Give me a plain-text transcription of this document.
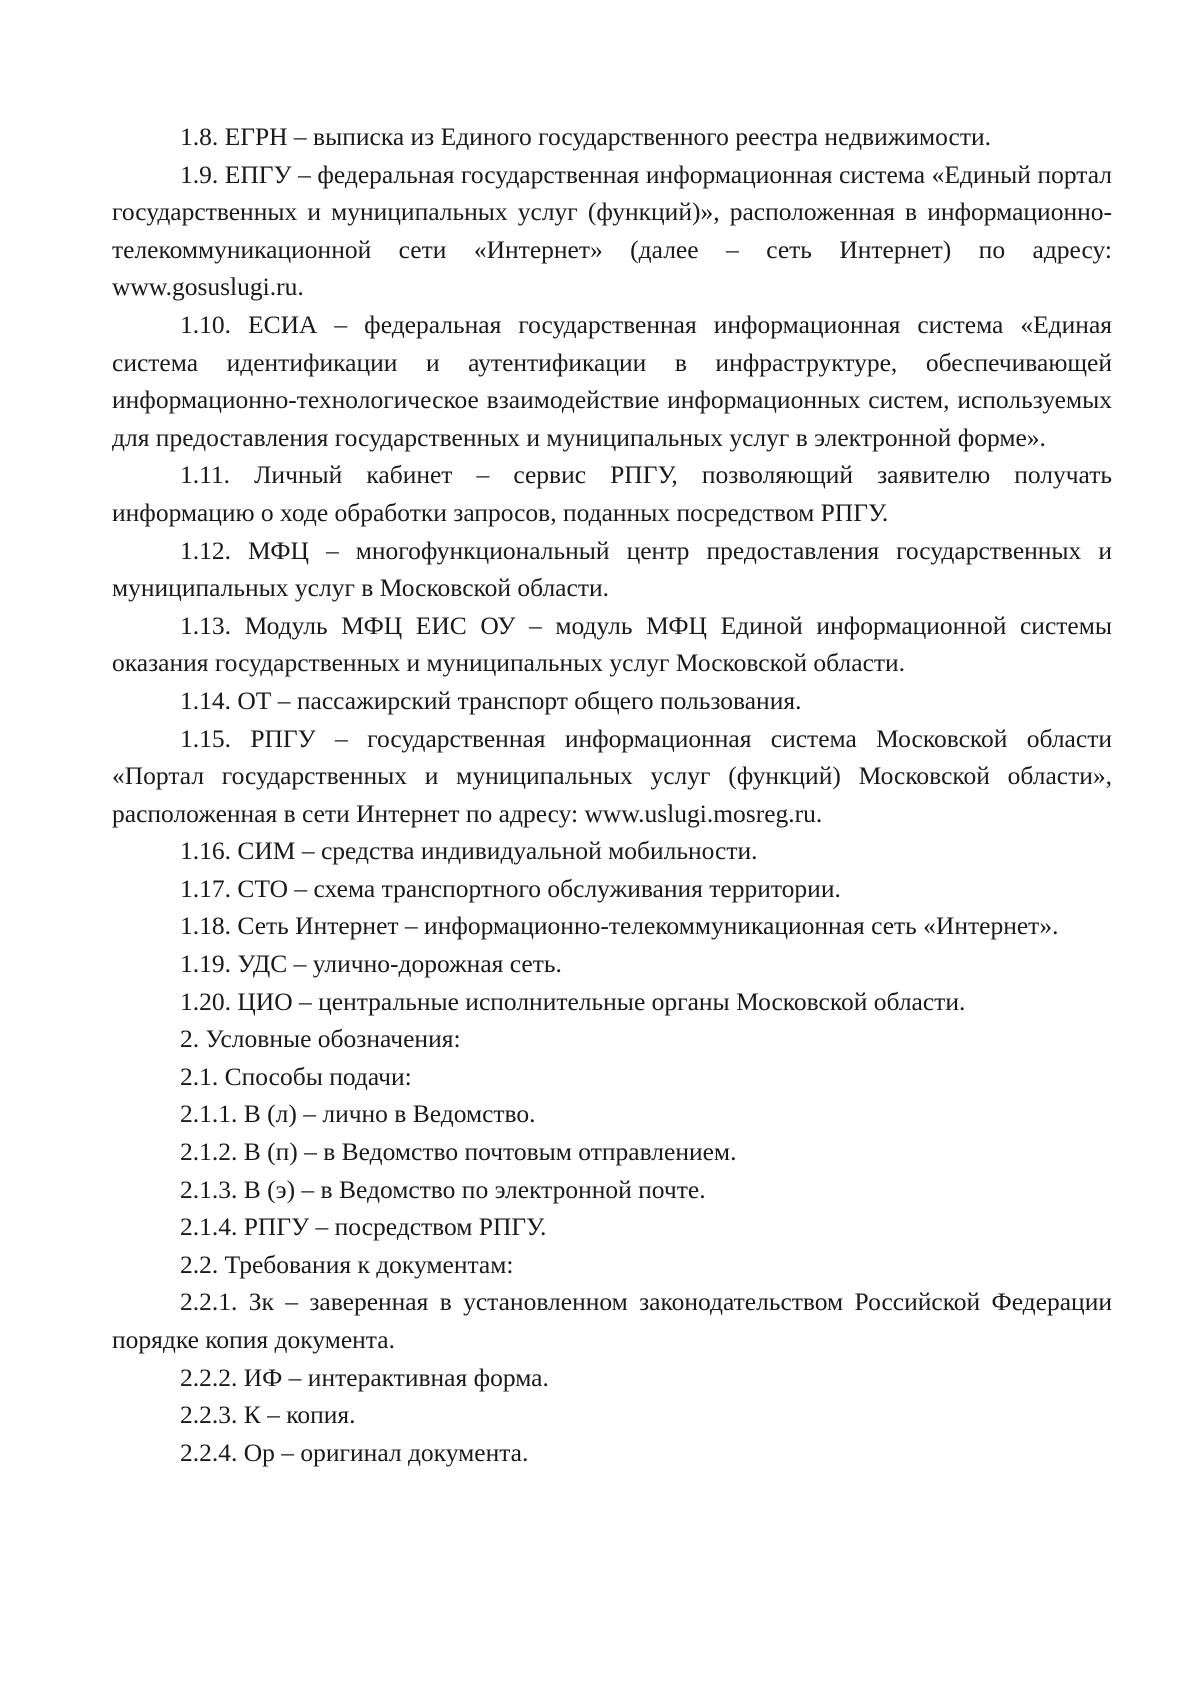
1.8. ЕГРН – выписка из Единого государственного реестра недвижимости.

1.9. ЕПГУ – федеральная государственная информационная система «Единый портал государственных и муниципальных услуг (функций)», расположенная в информационно-телекоммуникационной сети «Интернет» (далее – сеть Интернет) по адресу: www.gosuslugi.ru.

1.10. ЕСИА – федеральная государственная информационная система «Единая система идентификации и аутентификации в инфраструктуре, обеспечивающей информационно-технологическое взаимодействие информационных систем, используемых для предоставления государственных и муниципальных услуг в электронной форме».

1.11. Личный кабинет – сервис РПГУ, позволяющий заявителю получать информацию о ходе обработки запросов, поданных посредством РПГУ.

1.12. МФЦ – многофункциональный центр предоставления государственных и муниципальных услуг в Московской области.

1.13. Модуль МФЦ ЕИС ОУ – модуль МФЦ Единой информационной системы оказания государственных и муниципальных услуг Московской области.

1.14. ОТ – пассажирский транспорт общего пользования.

1.15. РПГУ – государственная информационная система Московской области «Портал государственных и муниципальных услуг (функций) Московской области», расположенная в сети Интернет по адресу: www.uslugi.mosreg.ru.

1.16. СИМ – средства индивидуальной мобильности.

1.17. СТО – схема транспортного обслуживания территории.

1.18. Сеть Интернет – информационно-телекоммуникационная сеть «Интернет».

1.19. УДС – улично-дорожная сеть.

1.20. ЦИО – центральные исполнительные органы Московской области.

2. Условные обозначения:

2.1. Способы подачи:

2.1.1. В (л) – лично в Ведомство.

2.1.2. В (п) – в Ведомство почтовым отправлением.

2.1.3. В (э) – в Ведомство по электронной почте.

2.1.4. РПГУ – посредством РПГУ.

2.2. Требования к документам:

2.2.1. Зк – заверенная в установленном законодательством Российской Федерации порядке копия документа.

2.2.2. ИФ – интерактивная форма.

2.2.3. К – копия.

2.2.4. Ор – оригинал документа.
